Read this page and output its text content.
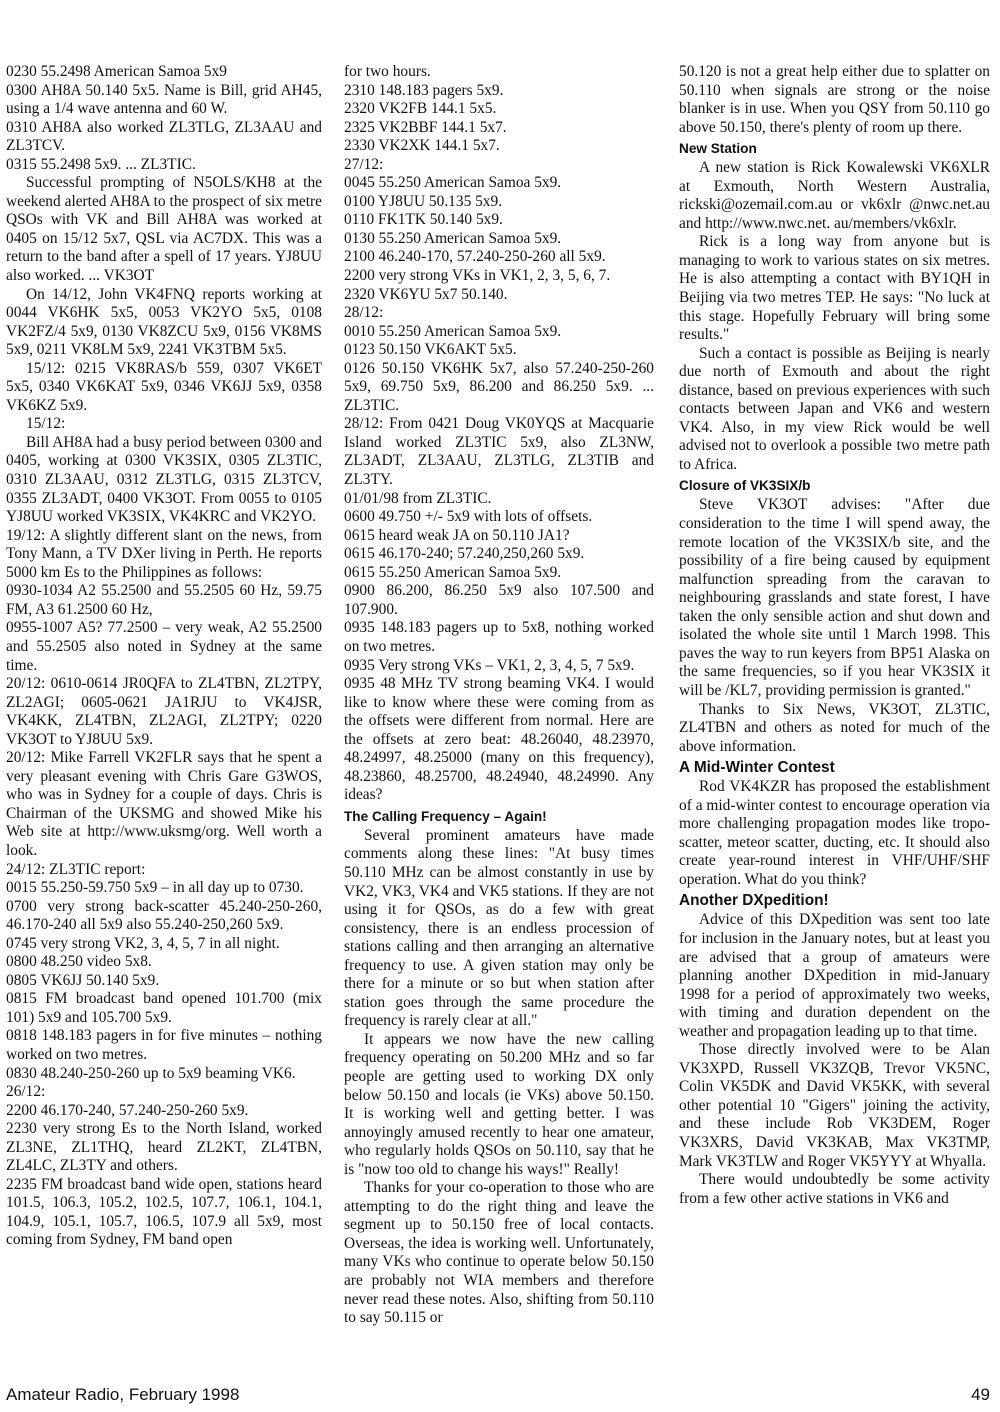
0230 55.2498 American Samoa 5x9

0300 AH8A 50.140 5x5. Name is Bill, grid AH45, using a 1/4 wave antenna and 60 W.

0310 AH8A also worked ZL3TLG, ZL3AAU and ZL3TCV.

0315 55.2498 5x9. ... ZL3TIC.

Successful prompting of N5OLS/KH8 at the weekend alerted AH8A to the prospect of six metre QSOs with VK and Bill AH8A was worked at 0405 on 15/12 5x7, QSL via AC7DX. This was a return to the band after a spell of 17 years. YJ8UU also worked. ... VK3OT

On 14/12, John VK4FNQ reports working at 0044 VK6HK 5x5, 0053 VK2YO 5x5, 0108 VK2FZ/4 5x9, 0130 VK8ZCU 5x9, 0156 VK8MS 5x9, 0211 VK8LM 5x9, 2241 VK3TBM 5x5.

15/12: 0215 VK8RAS/b 559, 0307 VK6ET 5x5, 0340 VK6KAT 5x9, 0346 VK6JJ 5x9, 0358 VK6KZ 5x9.

15/12:

Bill AH8A had a busy period between 0300 and 0405, working at 0300 VK3SIX, 0305 ZL3TIC, 0310 ZL3AAU, 0312 ZL3TLG, 0315 ZL3TCV, 0355 ZL3ADT, 0400 VK3OT. From 0055 to 0105 YJ8UU worked VK3SIX, VK4KRC and VK2YO.

19/12: A slightly different slant on the news, from Tony Mann, a TV DXer living in Perth. He reports 5000 km Es to the Philippines as follows:

0930-1034 A2 55.2500 and 55.2505 60 Hz, 59.75 FM, A3 61.2500 60 Hz,

0955-1007 A5? 77.2500 – very weak, A2 55.2500 and 55.2505 also noted in Sydney at the same time.

20/12: 0610-0614 JR0QFA to ZL4TBN, ZL2TPY, ZL2AGI; 0605-0621 JA1RJU to VK4JSR, VK4KK, ZL4TBN, ZL2AGI, ZL2TPY; 0220 VK3OT to YJ8UU 5x9.

20/12: Mike Farrell VK2FLR says that he spent a very pleasant evening with Chris Gare G3WOS, who was in Sydney for a couple of days. Chris is Chairman of the UKSMG and showed Mike his Web site at http://www.uksmg/org. Well worth a look.

24/12: ZL3TIC report:

0015 55.250-59.750 5x9 – in all day up to 0730.

0700 very strong back-scatter 45.240-250-260, 46.170-240 all 5x9 also 55.240-250,260 5x9.

0745 very strong VK2, 3, 4, 5, 7 in all night.

0800 48.250 video 5x8.

0805 VK6JJ 50.140 5x9.

0815 FM broadcast band opened 101.700 (mix 101) 5x9 and 105.700 5x9.

0818 148.183 pagers in for five minutes – nothing worked on two metres.

0830 48.240-250-260 up to 5x9 beaming VK6.

26/12:

2200 46.170-240, 57.240-250-260 5x9.

2230 very strong Es to the North Island, worked ZL3NE, ZL1THQ, heard ZL2KT, ZL4TBN, ZL4LC, ZL3TY and others.

2235 FM broadcast band wide open, stations heard 101.5, 106.3, 105.2, 102.5, 107.7, 106.1, 104.1, 104.9, 105.1, 105.7, 106.5, 107.9 all 5x9, most coming from Sydney, FM band open

for two hours.

2310 148.183 pagers 5x9.

2320 VK2FB 144.1 5x5.

2325 VK2BBF 144.1 5x7.

2330 VK2XK 144.1 5x7.

27/12:

0045 55.250 American Samoa 5x9.

0100 YJ8UU 50.135 5x9.

0110 FK1TK 50.140 5x9.

0130 55.250 American Samoa 5x9.

2100 46.240-170, 57.240-250-260 all 5x9.

2200 very strong VKs in VK1, 2, 3, 5, 6, 7.

2320 VK6YU 5x7 50.140.

28/12:

0010 55.250 American Samoa 5x9.

0123 50.150 VK6AKT 5x5.

0126 50.150 VK6HK 5x7, also 57.240-250-260 5x9, 69.750 5x9, 86.200 and 86.250 5x9. ... ZL3TIC.

28/12: From 0421 Doug VK0YQS at Macquarie Island worked ZL3TIC 5x9, also ZL3NW, ZL3ADT, ZL3AAU, ZL3TLG, ZL3TIB and ZL3TY.

01/01/98 from ZL3TIC.

0600 49.750 +/- 5x9 with lots of offsets.

0615 heard weak JA on 50.110 JA1?

0615 46.170-240; 57.240,250,260 5x9.

0615 55.250 American Samoa 5x9.

0900 86.200, 86.250 5x9 also 107.500 and 107.900.

0935 148.183 pagers up to 5x8, nothing worked on two metres.

0935 Very strong VKs – VK1, 2, 3, 4, 5, 7 5x9.

0935 48 MHz TV strong beaming VK4. I would like to know where these were coming from as the offsets were different from normal. Here are the offsets at zero beat: 48.26040, 48.23970, 48.24997, 48.25000 (many on this frequency), 48.23860, 48.25700, 48.24940, 48.24990. Any ideas?

The Calling Frequency – Again!

Several prominent amateurs have made comments along these lines: "At busy times 50.110 MHz can be almost constantly in use by VK2, VK3, VK4 and VK5 stations. If they are not using it for QSOs, as do a few with great consistency, there is an endless procession of stations calling and then arranging an alternative frequency to use. A given station may only be there for a minute or so but when station after station goes through the same procedure the frequency is rarely clear at all."

It appears we now have the new calling frequency operating on 50.200 MHz and so far people are getting used to working DX only below 50.150 and locals (ie VKs) above 50.150. It is working well and getting better. I was annoyingly amused recently to hear one amateur, who regularly holds QSOs on 50.110, say that he is "now too old to change his ways!" Really!

Thanks for your co-operation to those who are attempting to do the right thing and leave the segment up to 50.150 free of local contacts. Overseas, the idea is working well. Unfortunately, many VKs who continue to operate below 50.150 are probably not WIA members and therefore never read these notes. Also, shifting from 50.110 to say 50.115 or

50.120 is not a great help either due to splatter on 50.110 when signals are strong or the noise blanker is in use. When you QSY from 50.110 go above 50.150, there's plenty of room up there.

New Station

A new station is Rick Kowalewski VK6XLR at Exmouth, North Western Australia, rickski@ozemail.com.au or vk6xlr @nwc.net.au and http://www.nwc.net. au/members/vk6xlr.

Rick is a long way from anyone but is managing to work to various states on six metres. He is also attempting a contact with BY1QH in Beijing via two metres TEP. He says: "No luck at this stage. Hopefully February will bring some results."

Such a contact is possible as Beijing is nearly due north of Exmouth and about the right distance, based on previous experiences with such contacts between Japan and VK6 and western VK4. Also, in my view Rick would be well advised not to overlook a possible two metre path to Africa.

Closure of VK3SIX/b

Steve VK3OT advises: "After due consideration to the time I will spend away, the remote location of the VK3SIX/b site, and the possibility of a fire being caused by equipment malfunction spreading from the caravan to neighbouring grasslands and state forest, I have taken the only sensible action and shut down and isolated the whole site until 1 March 1998. This paves the way to run keyers from BP51 Alaska on the same frequencies, so if you hear VK3SIX it will be /KL7, providing permission is granted."

Thanks to Six News, VK3OT, ZL3TIC, ZL4TBN and others as noted for much of the above information.

A Mid-Winter Contest

Rod VK4KZR has proposed the establishment of a mid-winter contest to encourage operation via more challenging propagation modes like tropo-scatter, meteor scatter, ducting, etc. It should also create year-round interest in VHF/UHF/SHF operation. What do you think?

Another DXpedition!

Advice of this DXpedition was sent too late for inclusion in the January notes, but at least you are advised that a group of amateurs were planning another DXpedition in mid-January 1998 for a period of approximately two weeks, with timing and duration dependent on the weather and propagation leading up to that time.

Those directly involved were to be Alan VK3XPD, Russell VK3ZQB, Trevor VK5NC, Colin VK5DK and David VK5KK, with several other potential 10 "Gigers" joining the activity, and these include Rob VK3DEM, Roger VK3XRS, David VK3KAB, Max VK3TMP, Mark VK3TLW and Roger VK5YYY at Whyalla.

There would undoubtedly be some activity from a few other active stations in VK6 and

Amateur Radio, February 1998	49
